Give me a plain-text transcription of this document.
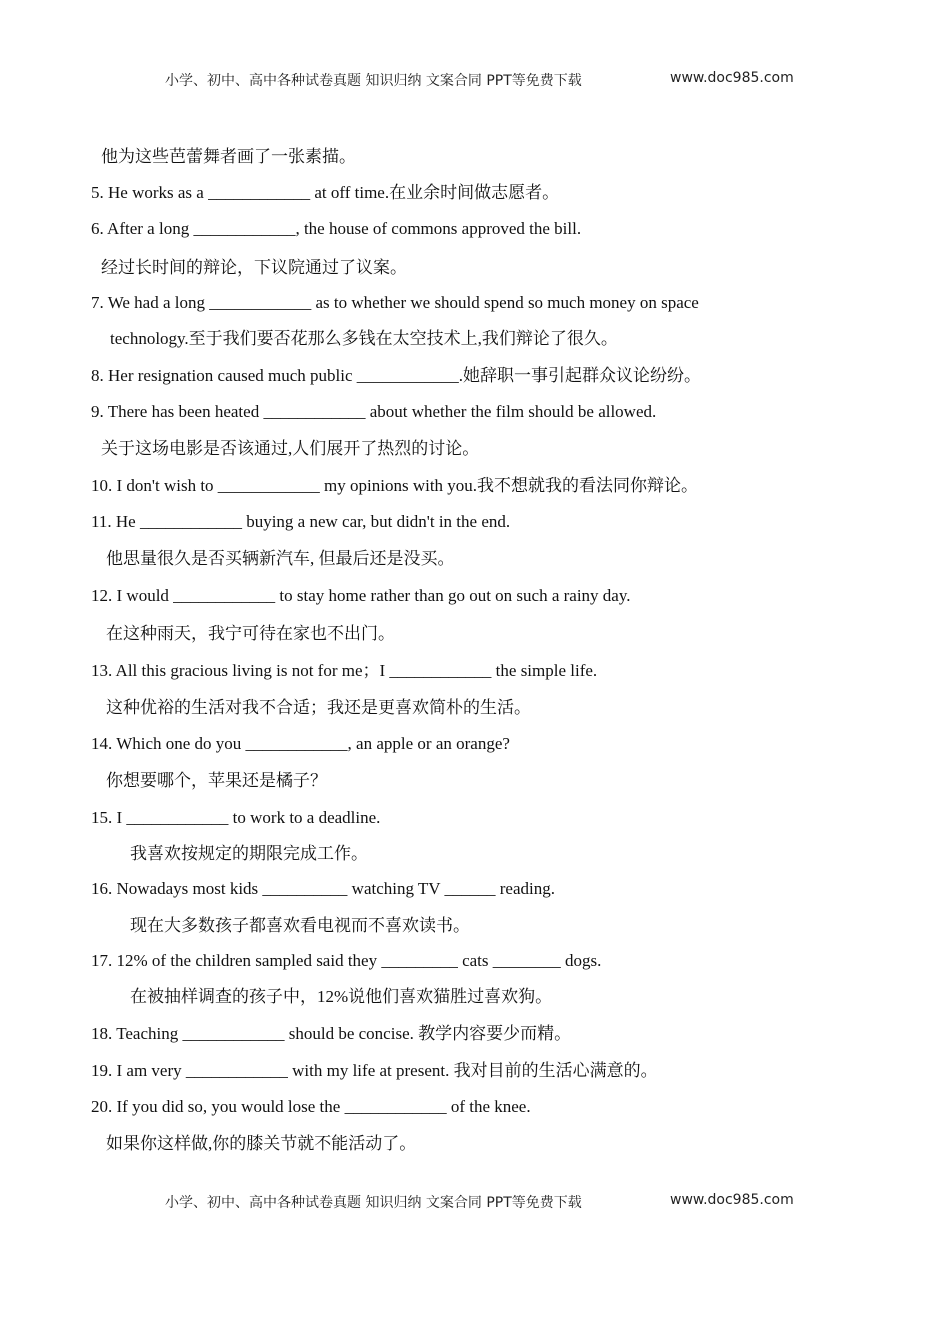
小学、初中、高中各种试卷真题 知识归纳 文案合同 PPT等免费下载	www.doc985.com
他为这些芭蕾舞者画了一张素描。
5. He works as a ____________ at off time.在业余时间做志愿者。
6. After a long ____________, the house of commons approved the bill.
经过长时间的辩论，下议院通过了议案。
7. We had a long ____________ as to whether we should spend so much money on space
technology.至于我们要否花那么多钱在太空技术上,我们辩论了很久。
8. Her resignation caused much public ____________.她辞职一事引起群众议论纷纷。
9. There has been heated ____________ about whether the film should be allowed.
关于这场电影是否该通过,人们展开了热烈的讨论。
10. I don't wish to ____________ my opinions with you.我不想就我的看法同你辩论。
11. He ____________ buying a new car, but didn't in the end.
他思量很久是否买辆新汽车, 但最后还是没买。
12. I would ____________ to stay home rather than go out on such a rainy day.
在这种雨天，我宁可待在家也不出门。
13. All this gracious living is not for me；I ____________ the simple life.
这种优裕的生活对我不合适；我还是更喜欢简朴的生活。
14. Which one do you ____________, an apple or an orange?
你想要哪个，苹果还是橘子？
15. I ____________ to work to a deadline.
我喜欢按规定的期限完成工作。
16. Nowadays most kids __________ watching TV ______ reading.
现在大多数孩子都喜欢看电视而不喜欢读书。
17. 12% of the children sampled said they _________ cats ________ dogs.
在被抽样调查的孩子中，12%说他们喜欢猫胜过喜欢狗。
18. Teaching ____________ should be concise. 教学内容要少而精。
19. I am very ____________ with my life at present. 我对目前的生活心满意的。
20. If you did so, you would lose the ____________ of the knee.
如果你这样做,你的膝关节就不能活动了。
小学、初中、高中各种试卷真题 知识归纳 文案合同 PPT等免费下载	www.doc985.com
